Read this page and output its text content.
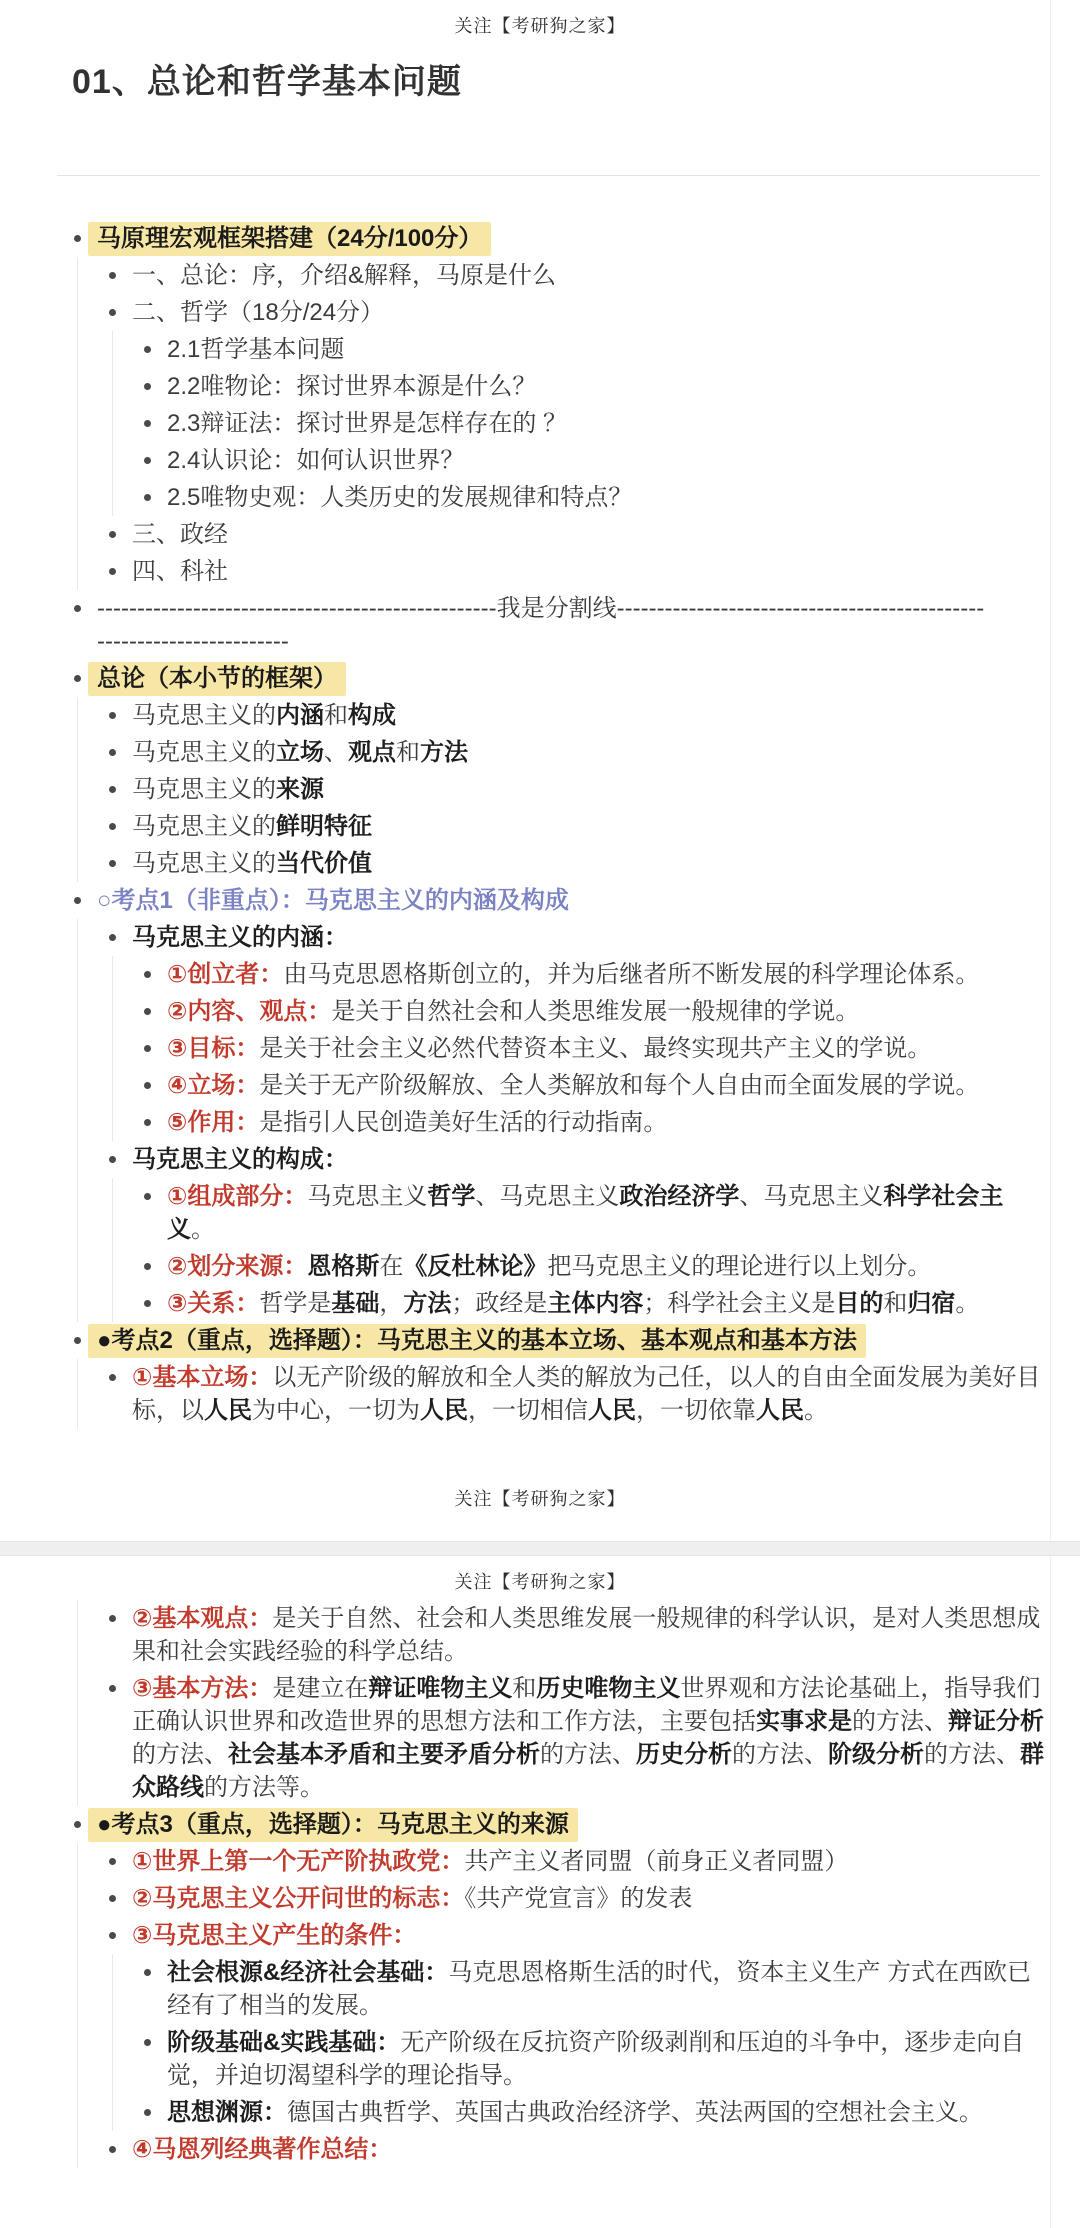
关注【考研狗之家】
01、总论和哲学基本问题
马原理宏观框架搭建（24分/100分）
一、总论：序，介绍&解释，马原是什么
二、哲学（18分/24分）
2.1哲学基本问题
2.2唯物论：探讨世界本源是什么？
2.3辩证法：探讨世界是怎样存在的 ？
2.4认识论：如何认识世界？
2.5唯物史观：人类历史的发展规律和特点？
三、政经
四、科社
--------------------------------------------------我是分割线----------------------------------------------
------------------------
总论（本小节的框架）
马克思主义的内涵和构成
马克思主义的立场、观点和方法
马克思主义的来源
马克思主义的鲜明特征
马克思主义的当代价值
○考点1（非重点）：马克思主义的内涵及构成
马克思主义的内涵：
①创立者：由马克思恩格斯创立的，并为后继者所不断发展的科学理论体系。
②内容、观点：是关于自然社会和人类思维发展一般规律的学说。
③目标：是关于社会主义必然代替资本主义、最终实现共产主义的学说。
④立场：是关于无产阶级解放、全人类解放和每个人自由而全面发展的学说。
⑤作用：是指引人民创造美好生活的行动指南。
马克思主义的构成：
①组成部分：马克思主义哲学、马克思主义政治经济学、马克思主义科学社会主义。
②划分来源：恩格斯在《反杜林论》把马克思主义的理论进行以上划分。
③关系：哲学是基础，方法；政经是主体内容；科学社会主义是目的和归宿。
●考点2（重点，选择题）：马克思主义的基本立场、基本观点和基本方法
①基本立场：以无产阶级的解放和全人类的解放为己任，以人的自由全面发展为美好目标，以人民为中心，一切为人民，一切相信人民，一切依靠人民。
关注【考研狗之家】
关注【考研狗之家】
②基本观点：是关于自然、社会和人类思维发展一般规律的科学认识，是对人类思想成果和社会实践经验的科学总结。
③基本方法：是建立在辩证唯物主义和历史唯物主义世界观和方法论基础上，指导我们正确认识世界和改造世界的思想方法和工作方法，主要包括实事求是的方法、辩证分析的方法、社会基本矛盾和主要矛盾分析的方法、历史分析的方法、阶级分析的方法、群众路线的方法等。
●考点3（重点，选择题）：马克思主义的来源
①世界上第一个无产阶执政党：共产主义者同盟（前身正义者同盟）
②马克思主义公开问世的标志：《共产党宣言》的发表
③马克思主义产生的条件：
社会根源&经济社会基础：马克思恩格斯生活的时代，资本主义生产 方式在西欧已经有了相当的发展。
阶级基础&实践基础：无产阶级在反抗资产阶级剥削和压迫的斗争中，逐步走向自觉，并迫切渴望科学的理论指导。
思想渊源：德国古典哲学、英国古典政治经济学、英法两国的空想社会主义。
④马恩列经典著作总结：
